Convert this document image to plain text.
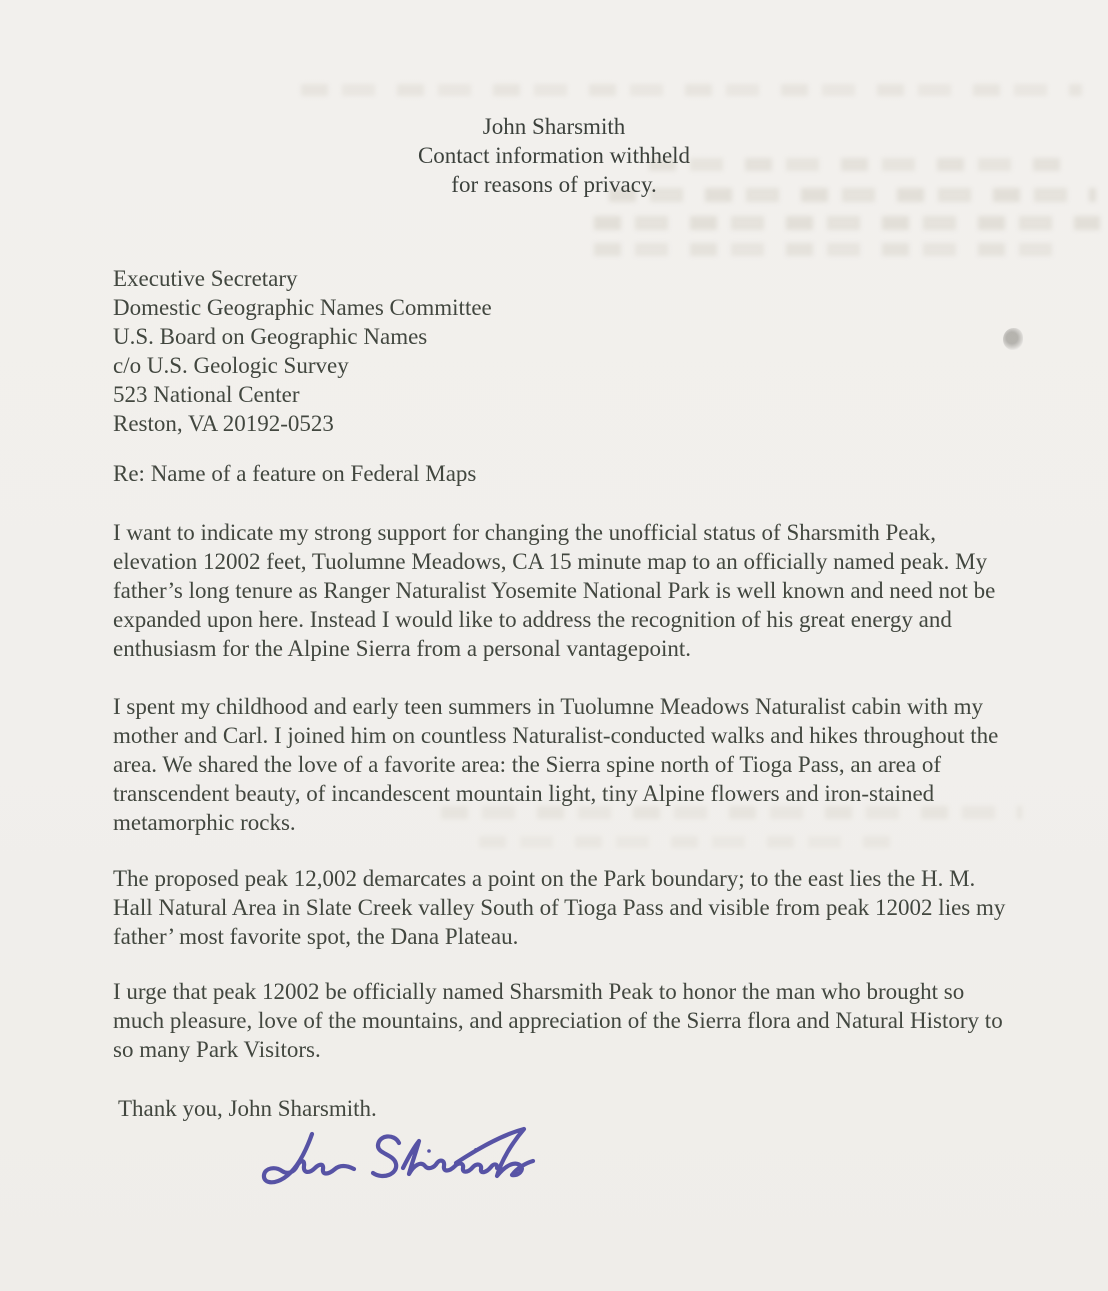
John Sharsmith
Contact information withheld
for reasons of privacy.
Executive Secretary
Domestic Geographic Names Committee
U.S. Board on Geographic Names
c/o U.S. Geologic Survey
523 National Center
Reston, VA 20192-0523
Re: Name of a feature on Federal Maps

I want to indicate my strong support for changing the unofficial status of Sharsmith Peak, elevation 12002 feet, Tuolumne Meadows, CA 15 minute map to an officially named peak. My father’s long tenure as Ranger Naturalist Yosemite National Park is well known and need not be expanded upon here. Instead I would like to address the recognition of his great energy and enthusiasm for the Alpine Sierra from a personal vantagepoint.

I spent my childhood and early teen summers in Tuolumne Meadows Naturalist cabin with my mother and Carl. I joined him on countless Naturalist-conducted walks and hikes throughout the area. We shared the love of a favorite area: the Sierra spine north of Tioga Pass, an area of transcendent beauty, of incandescent mountain light, tiny Alpine flowers and iron-stained metamorphic rocks.

The proposed peak 12,002 demarcates a point on the Park boundary; to the east lies the H. M. Hall Natural Area in Slate Creek valley South of Tioga Pass and visible from peak 12002 lies my father’ most favorite spot, the Dana Plateau.

I urge that peak 12002 be officially named Sharsmith Peak to honor the man who brought so much pleasure, love of the mountains, and appreciation of the Sierra flora and Natural History to so many Park Visitors.

Thank you, John Sharsmith.
